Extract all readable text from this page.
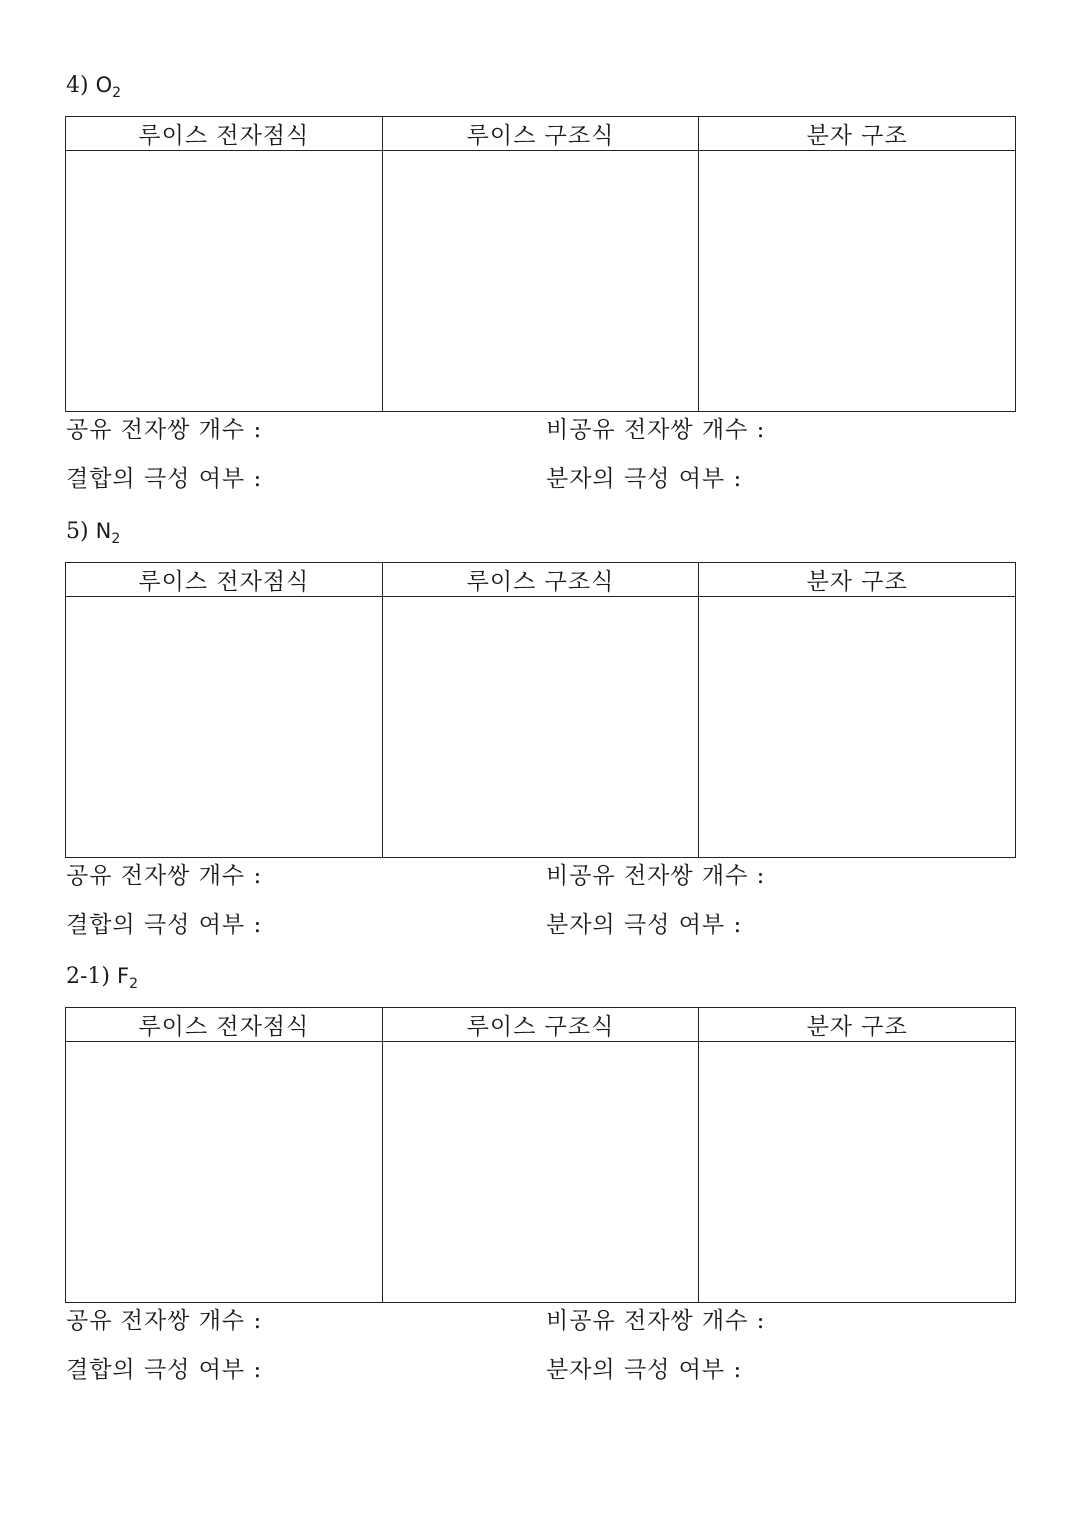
4) $O_2$
루이스 전자점식	루이스 구조식	분자 구조

공유 전자쌍 개수 :	비공유 전자쌍 개수 :
결합의 극성 여부 :	분자의 극성 여부 :
5) $N_2$
루이스 전자점식	루이스 구조식	분자 구조

공유 전자쌍 개수 :	비공유 전자쌍 개수 :
결합의 극성 여부 :	분자의 극성 여부 :
2-1) $F_2$
루이스 전자점식	루이스 구조식	분자 구조

공유 전자쌍 개수 :	비공유 전자쌍 개수 :
결합의 극성 여부 :	분자의 극성 여부 :
